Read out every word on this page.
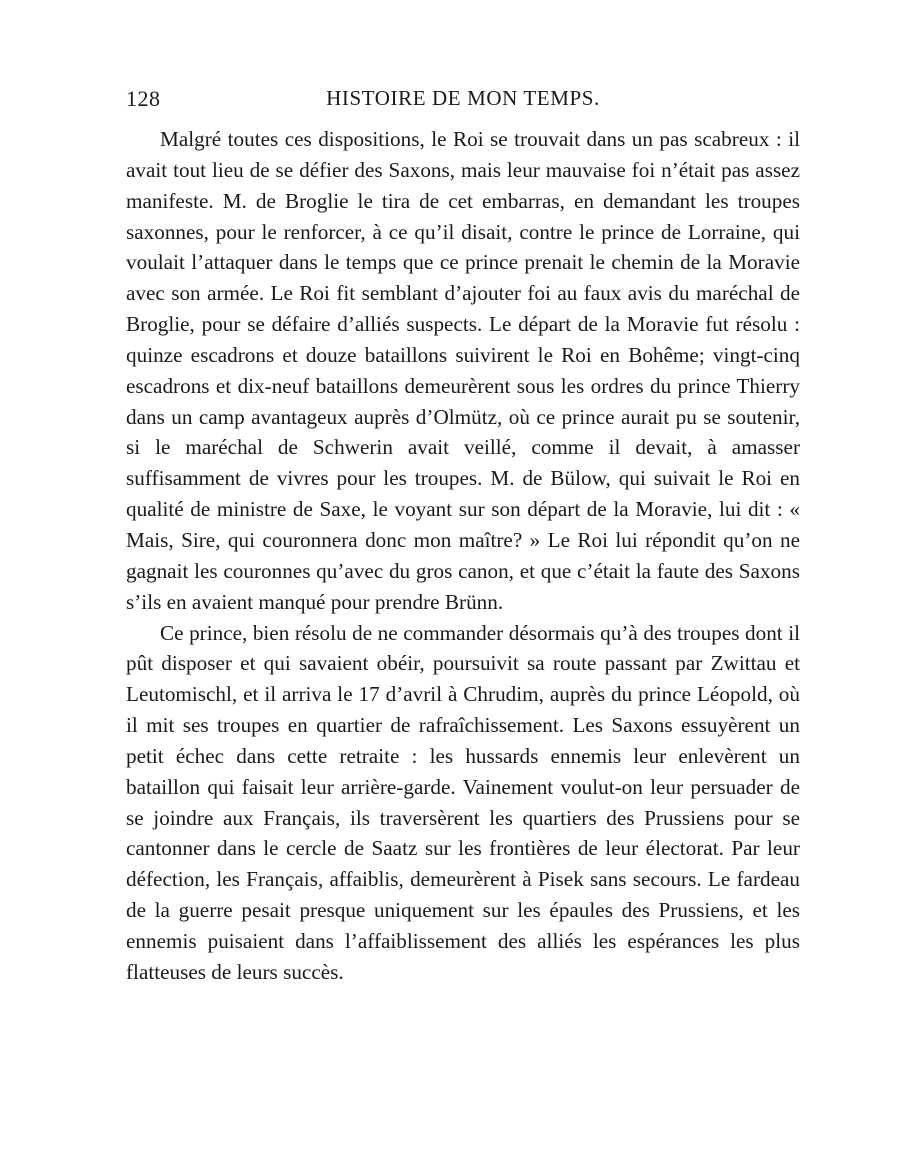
128	HISTOIRE DE MON TEMPS.

Malgré toutes ces dispositions, le Roi se trouvait dans un pas scabreux : il avait tout lieu de se défier des Saxons, mais leur mauvaise foi n’était pas assez manifeste. M. de Broglie le tira de cet embarras, en demandant les troupes saxonnes, pour le renforcer, à ce qu’il disait, contre le prince de Lorraine, qui voulait l’attaquer dans le temps que ce prince prenait le chemin de la Moravie avec son armée. Le Roi fit semblant d’ajouter foi au faux avis du maréchal de Broglie, pour se défaire d’alliés suspects. Le départ de la Moravie fut résolu : quinze escadrons et douze bataillons suivirent le Roi en Bohême; vingt-cinq escadrons et dix-neuf bataillons demeurèrent sous les ordres du prince Thierry dans un camp avantageux auprès d’Olmütz, où ce prince aurait pu se soutenir, si le maréchal de Schwerin avait veillé, comme il devait, à amasser suffisamment de vivres pour les troupes. M. de Bülow, qui suivait le Roi en qualité de ministre de Saxe, le voyant sur son départ de la Moravie, lui dit : « Mais, Sire, qui couronnera donc mon maître? » Le Roi lui répondit qu’on ne gagnait les couronnes qu’avec du gros canon, et que c’était la faute des Saxons s’ils en avaient manqué pour prendre Brünn.

Ce prince, bien résolu de ne commander désormais qu’à des troupes dont il pût disposer et qui savaient obéir, poursuivit sa route passant par Zwittau et Leutomischl, et il arriva le 17 d’avril à Chrudim, auprès du prince Léopold, où il mit ses troupes en quartier de rafraîchissement. Les Saxons essuyèrent un petit échec dans cette retraite : les hussards ennemis leur enlevèrent un bataillon qui faisait leur arrière-garde. Vainement voulut-on leur persuader de se joindre aux Français, ils traversèrent les quartiers des Prussiens pour se cantonner dans le cercle de Saatz sur les frontières de leur électorat. Par leur défection, les Français, affaiblis, demeurèrent à Pisek sans secours. Le fardeau de la guerre pesait presque uniquement sur les épaules des Prussiens, et les ennemis puisaient dans l’affaiblissement des alliés les espérances les plus flatteuses de leurs succès.
